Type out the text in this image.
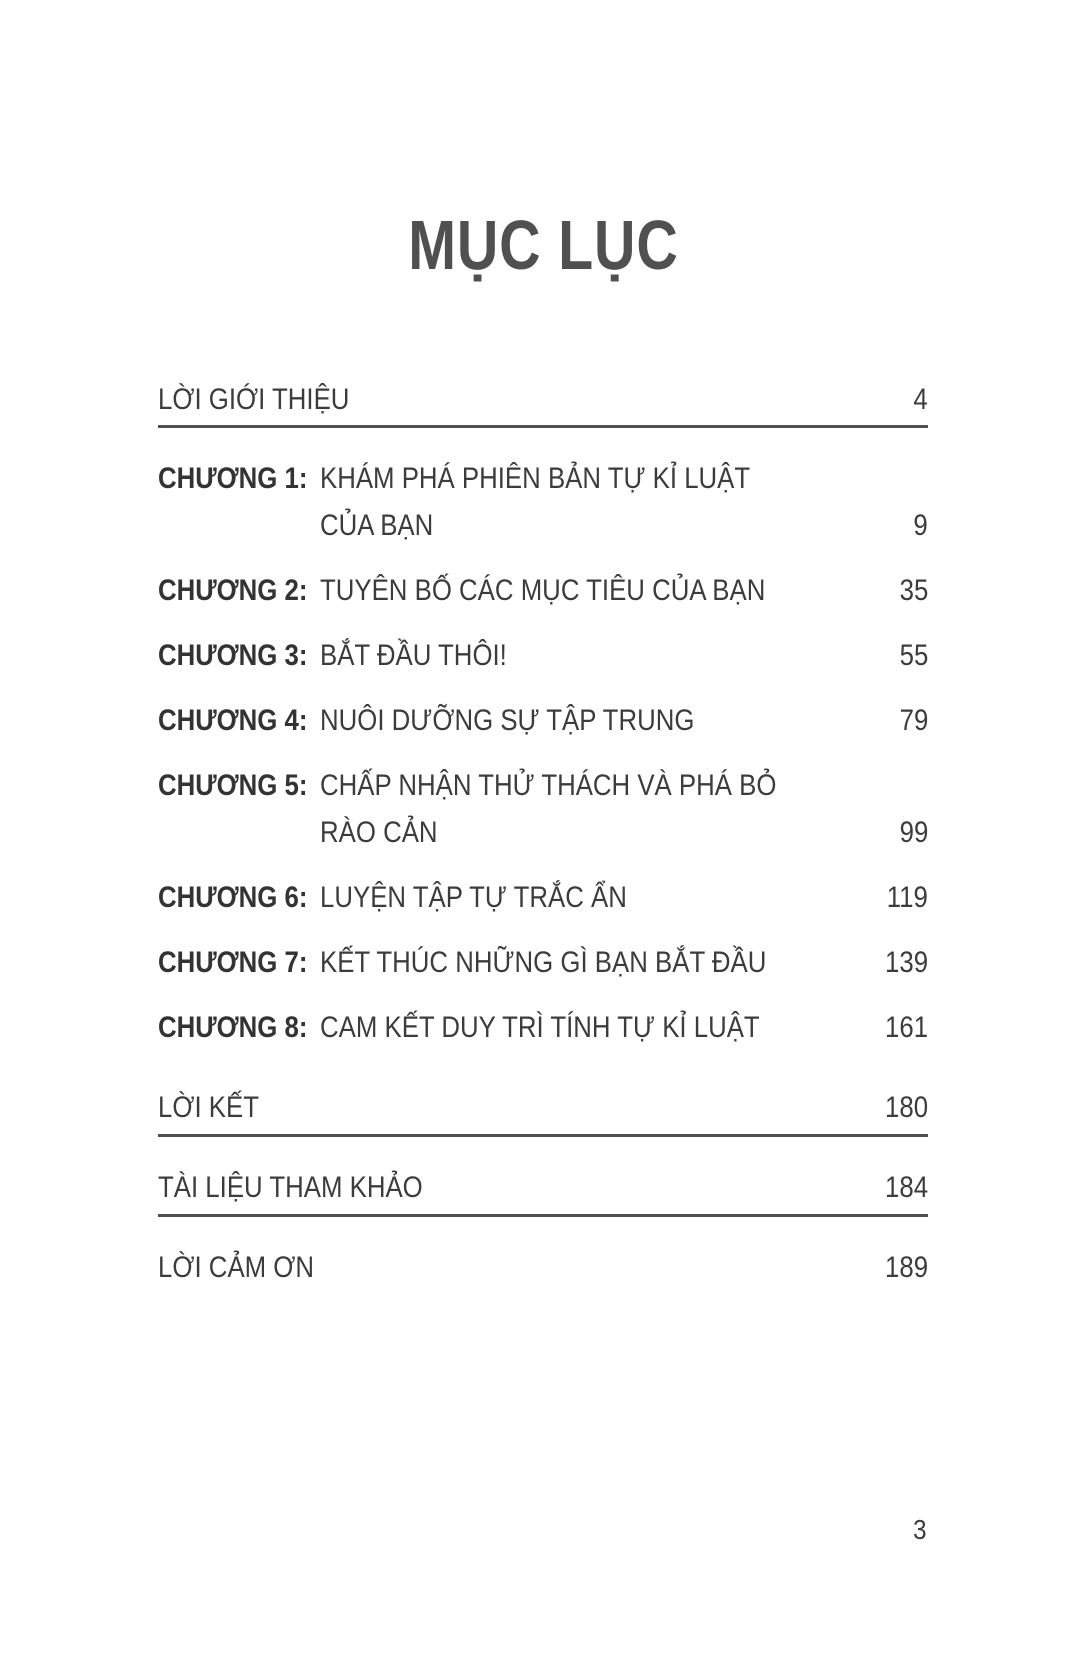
MỤC LỤC
LỜI GIỚI THIỆU	4
CHƯƠNG 1: KHÁM PHÁ PHIÊN BẢN TỰ KỈ LUẬT
CỦA BẠN	9
CHƯƠNG 2: TUYÊN BỐ CÁC MỤC TIÊU CỦA BẠN	35
CHƯƠNG 3: BẮT ĐẦU THÔI!	55
CHƯƠNG 4: NUÔI DƯỠNG SỰ TẬP TRUNG	79
CHƯƠNG 5: CHẤP NHẬN THỬ THÁCH VÀ PHÁ BỎ
RÀO CẢN	99
CHƯƠNG 6: LUYỆN TẬP TỰ TRẮC ẨN	119
CHƯƠNG 7: KẾT THÚC NHỮNG GÌ BẠN BẮT ĐẦU	139
CHƯƠNG 8: CAM KẾT DUY TRÌ TÍNH TỰ KỈ LUẬT	161
LỜI KẾT	180
TÀI LIỆU THAM KHẢO	184
LỜI CẢM ƠN	189
3
